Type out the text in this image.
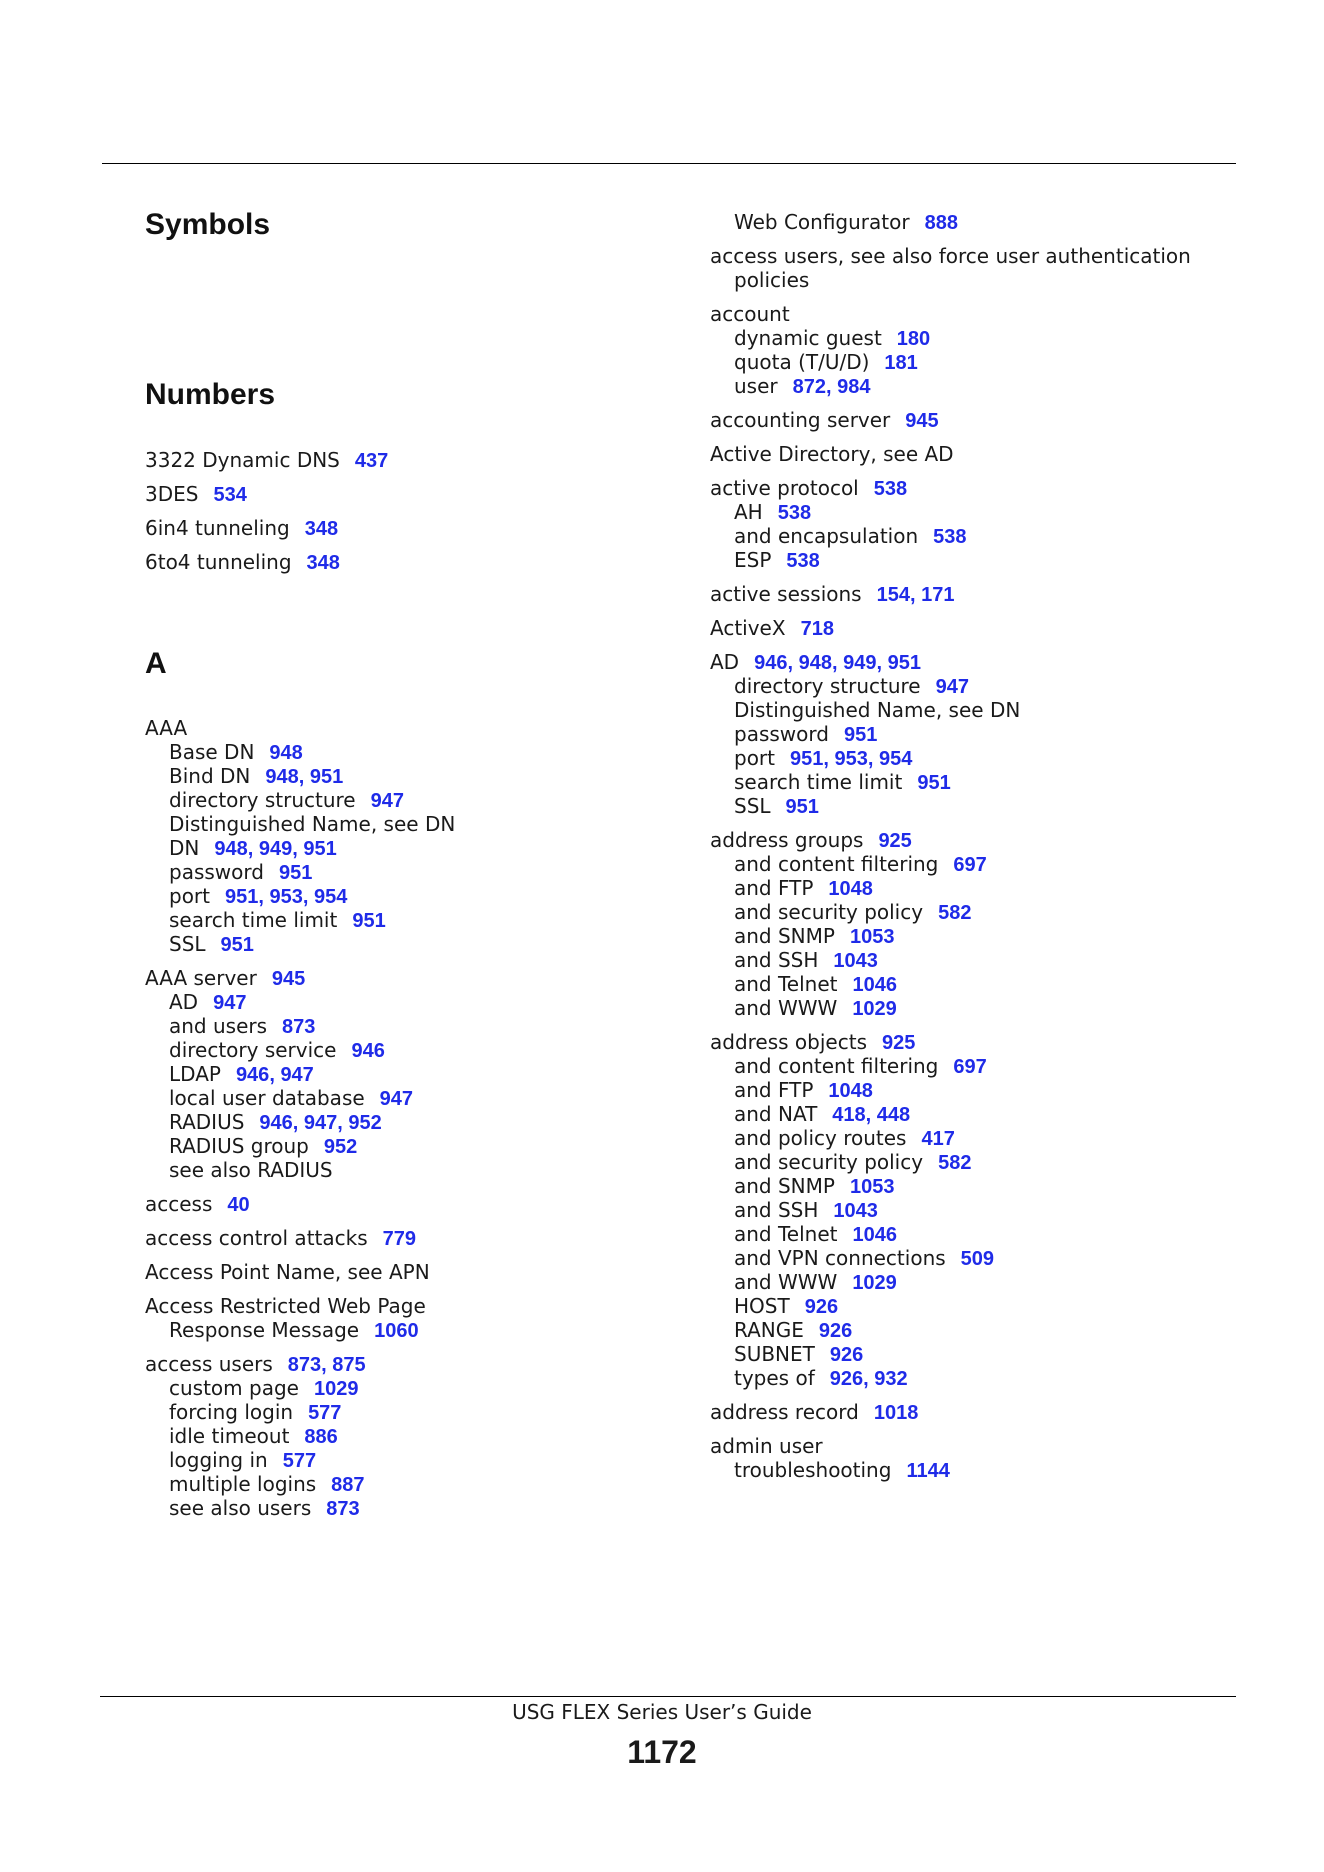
Symbols
Numbers
3322 Dynamic DNS 437
3DES 534
6in4 tunneling 348
6to4 tunneling 348
A
AAA
Base DN 948
Bind DN 948, 951
directory structure 947
Distinguished Name, see DN
DN 948, 949, 951
password 951
port 951, 953, 954
search time limit 951
SSL 951
AAA server 945
AD 947
and users 873
directory service 946
LDAP 946, 947
local user database 947
RADIUS 946, 947, 952
RADIUS group 952
see also RADIUS
access 40
access control attacks 779
Access Point Name, see APN
Access Restricted Web Page
Response Message 1060
access users 873, 875
custom page 1029
forcing login 577
idle timeout 886
logging in 577
multiple logins 887
see also users 873
Web Configurator 888
access users, see also force user authentication
policies
account
dynamic guest 180
quota (T/U/D) 181
user 872, 984
accounting server 945
Active Directory, see AD
active protocol 538
AH 538
and encapsulation 538
ESP 538
active sessions 154, 171
ActiveX 718
AD 946, 948, 949, 951
directory structure 947
Distinguished Name, see DN
password 951
port 951, 953, 954
search time limit 951
SSL 951
address groups 925
and content filtering 697
and FTP 1048
and security policy 582
and SNMP 1053
and SSH 1043
and Telnet 1046
and WWW 1029
address objects 925
and content filtering 697
and FTP 1048
and NAT 418, 448
and policy routes 417
and security policy 582
and SNMP 1053
and SSH 1043
and Telnet 1046
and VPN connections 509
and WWW 1029
HOST 926
RANGE 926
SUBNET 926
types of 926, 932
address record 1018
admin user
troubleshooting 1144
USG FLEX Series User’s Guide
1172
